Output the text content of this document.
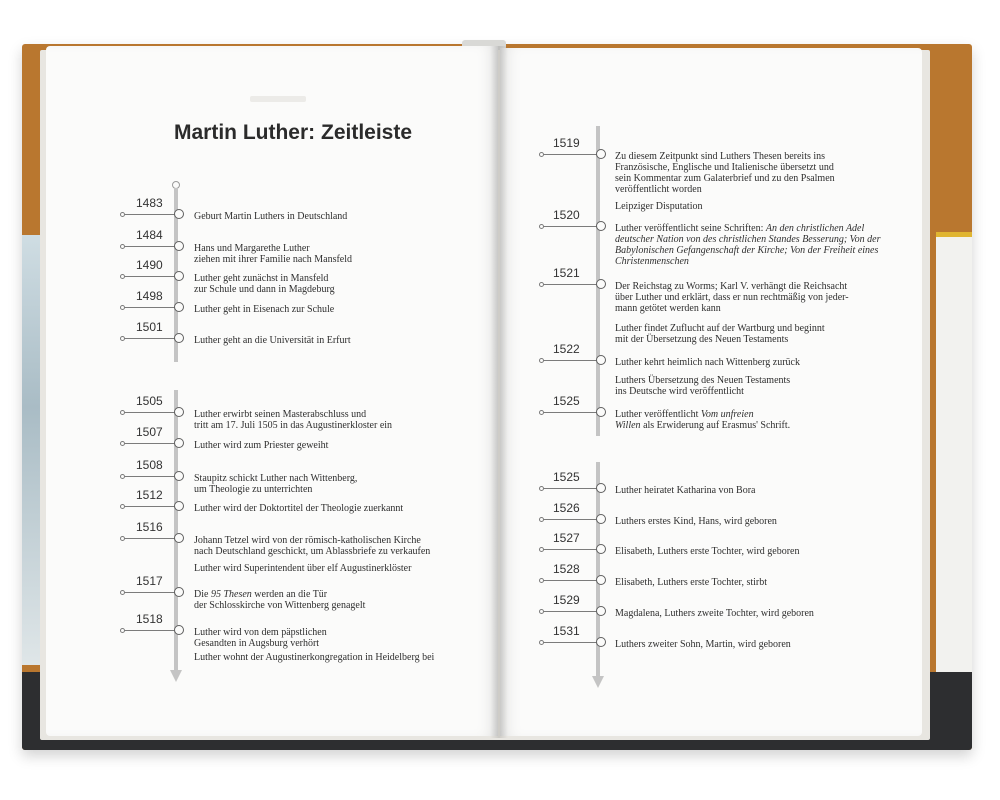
Martin Luther: Zeitleiste
1483
Geburt Martin Luthers in Deutschland
1484
Hans und Margarethe Luther
ziehen mit ihrer Familie nach Mansfeld
1490
Luther geht zunächst in Mansfeld
zur Schule und dann in Magdeburg
1498
Luther geht in Eisenach zur Schule
1501
Luther geht an die Universität in Erfurt
1505
Luther erwirbt seinen Masterabschluss und
tritt am 17. Juli 1505 in das Augustinerkloster ein
1507
Luther wird zum Priester geweiht
1508
Staupitz schickt Luther nach Wittenberg,
um Theologie zu unterrichten
1512
Luther wird der Doktortitel der Theologie zuerkannt
1516
Johann Tetzel wird von der römisch-katholischen Kirche
nach Deutschland geschickt, um Ablassbriefe zu verkaufen
Luther wird Superintendent über elf Augustinerklöster
1517
Die 95 Thesen werden an die Tür
der Schlosskirche von Wittenberg genagelt
1518
Luther wird von dem päpstlichen
Gesandten in Augsburg verhört
Luther wohnt der Augustinerkongregation in Heidelberg bei
1519
Zu diesem Zeitpunkt sind Luthers Thesen bereits ins
Französische, Englische und Italienische übersetzt und
sein Kommentar zum Galaterbrief und zu den Psalmen
veröffentlicht worden
Leipziger Disputation
1520
Luther veröffentlicht seine Schriften: An den christlichen Adel
deutscher Nation von des christlichen Standes Besserung; Von der
Babylonischen Gefangenschaft der Kirche; Von der Freiheit eines
Christenmenschen
1521
Der Reichstag zu Worms; Karl V. verhängt die Reichsacht
über Luther und erklärt, dass er nun rechtmäßig von jeder-
mann getötet werden kann
Luther findet Zuflucht auf der Wartburg und beginnt
mit der Übersetzung des Neuen Testaments
1522
Luther kehrt heimlich nach Wittenberg zurück
Luthers Übersetzung des Neuen Testaments
ins Deutsche wird veröffentlicht
1525
Luther veröffentlicht Vom unfreien
Willen als Erwiderung auf Erasmus' Schrift.
1525
Luther heiratet Katharina von Bora
1526
Luthers erstes Kind, Hans, wird geboren
1527
Elisabeth, Luthers erste Tochter, wird geboren
1528
Elisabeth, Luthers erste Tochter, stirbt
1529
Magdalena, Luthers zweite Tochter, wird geboren
1531
Luthers zweiter Sohn, Martin, wird geboren
